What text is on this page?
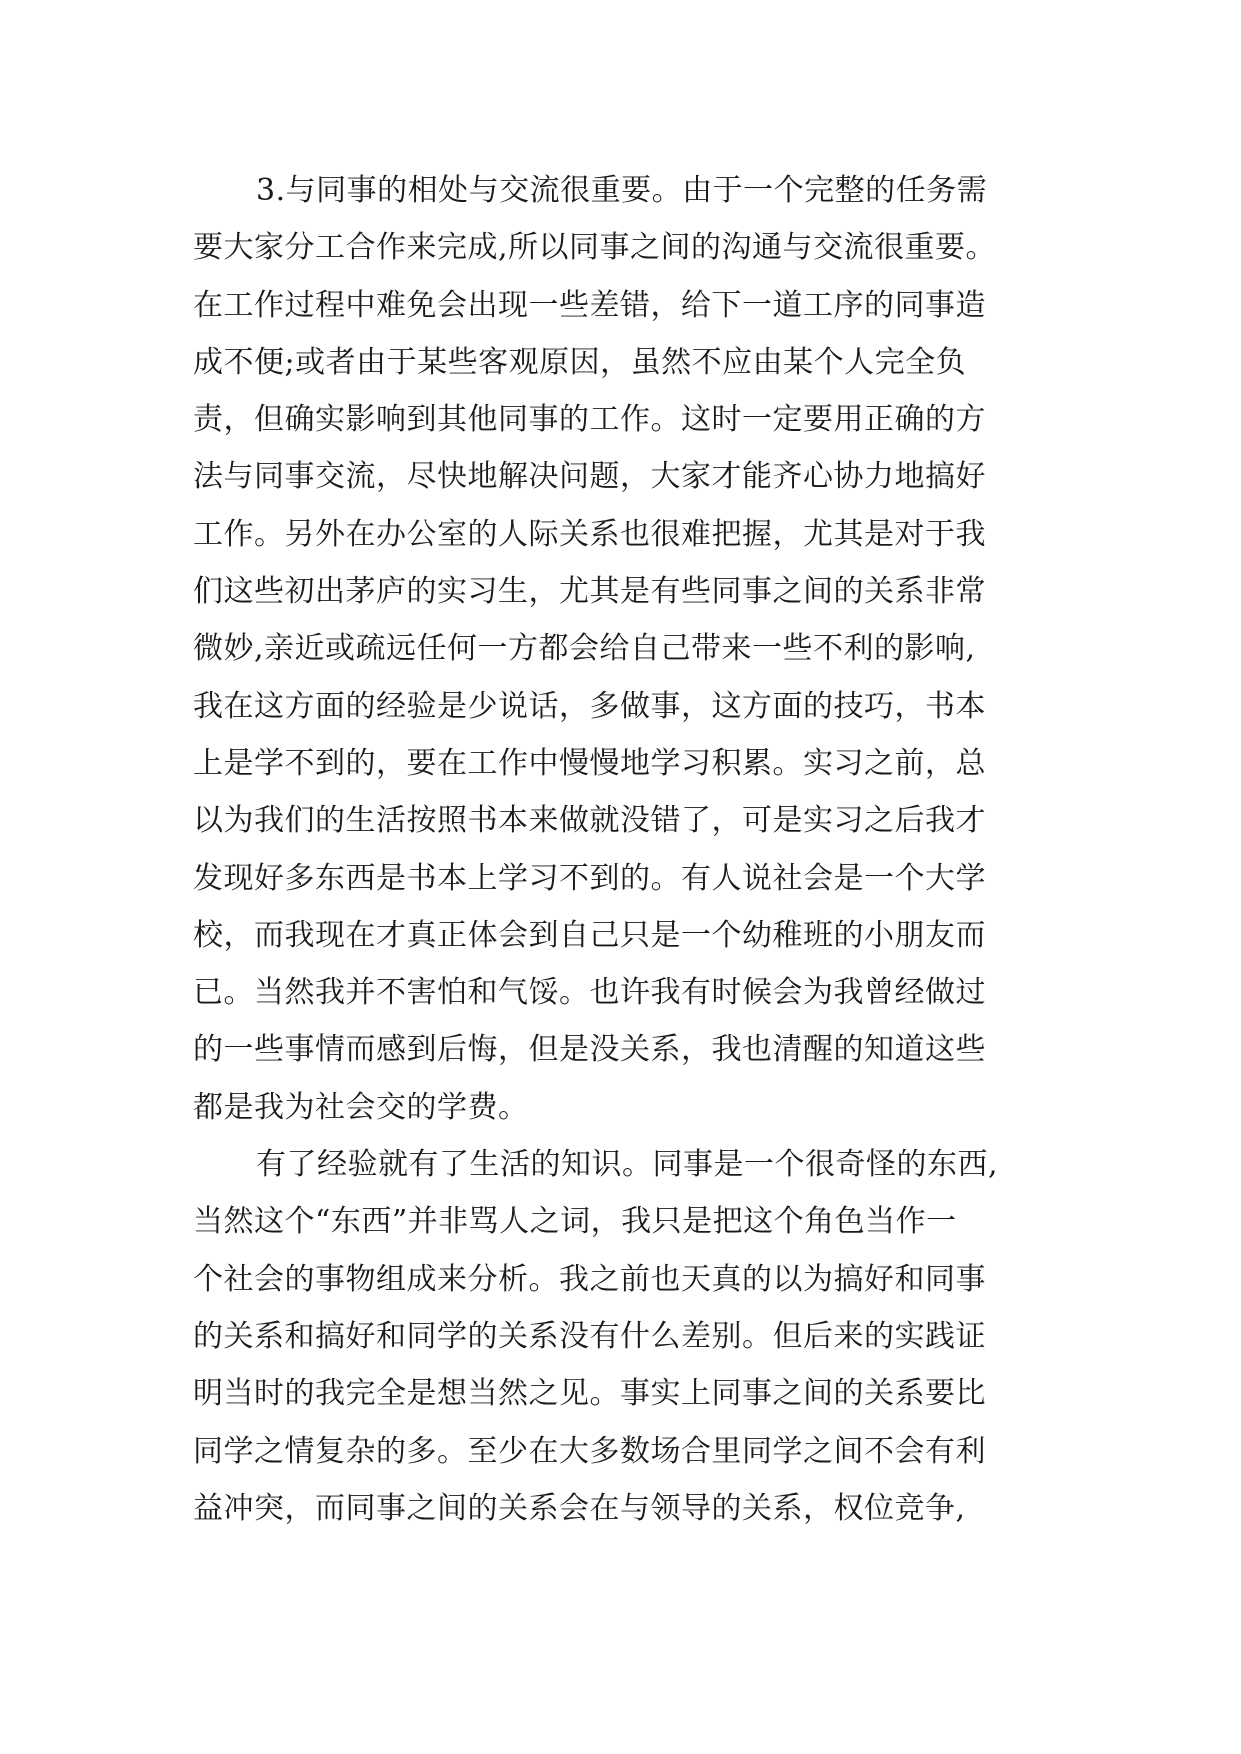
3.与同事的相处与交流很重要。由于一个完整的任务需
要大家分工合作来完成,所以同事之间的沟通与交流很重要。
在工作过程中难免会出现一些差错，给下一道工序的同事造
成不便;或者由于某些客观原因，虽然不应由某个人完全负
责，但确实影响到其他同事的工作。这时一定要用正确的方
法与同事交流，尽快地解决问题，大家才能齐心协力地搞好
工作。另外在办公室的人际关系也很难把握，尤其是对于我
们这些初出茅庐的实习生，尤其是有些同事之间的关系非常
微妙,亲近或疏远任何一方都会给自己带来一些不利的影响,
我在这方面的经验是少说话，多做事，这方面的技巧，书本
上是学不到的，要在工作中慢慢地学习积累。实习之前，总
以为我们的生活按照书本来做就没错了，可是实习之后我才
发现好多东西是书本上学习不到的。有人说社会是一个大学
校，而我现在才真正体会到自己只是一个幼稚班的小朋友而
已。当然我并不害怕和气馁。也许我有时候会为我曾经做过
的一些事情而感到后悔，但是没关系，我也清醒的知道这些
都是我为社会交的学费。
有了经验就有了生活的知识。同事是一个很奇怪的东西,
当然这个“东西”并非骂人之词，我只是把这个角色当作一
个社会的事物组成来分析。我之前也天真的以为搞好和同事
的关系和搞好和同学的关系没有什么差别。但后来的实践证
明当时的我完全是想当然之见。事实上同事之间的关系要比
同学之情复杂的多。至少在大多数场合里同学之间不会有利
益冲突，而同事之间的关系会在与领导的关系，权位竞争,
